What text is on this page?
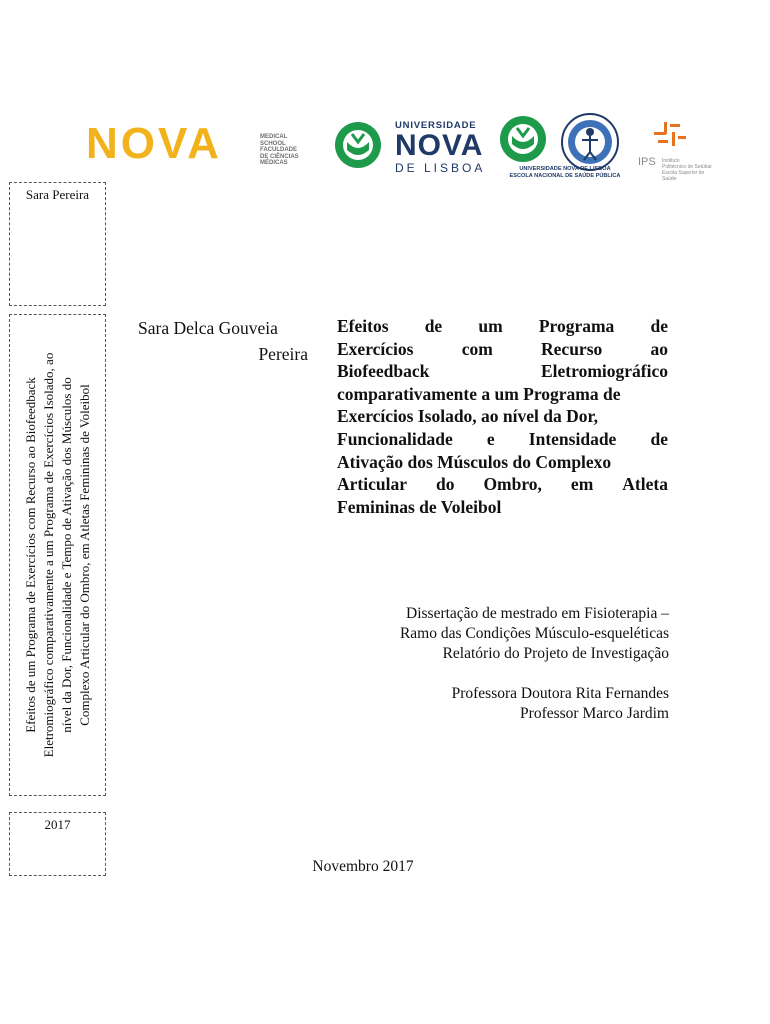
NOVA	MEDICAL
SCHOOL
FACULDADE
DE CIÊNCIAS
MÉDICAS
UNIVERSIDADE
NOVA
DE LISBOA	UNIVERSIDADE NOVA DE LISBOA
ESCOLA NACIONAL DE SAÚDE PÚBLICA
IPS Instituto
Politécnico de Setúbal
Escola Superior de
Saúde
Sara Pereira
Efeitos de um Programa de Exercícios com Recurso ao Biofeedback Eletromiográfico comparativamente a um Programa de Exercícios Isolado, ao nível da Dor, Funcionalidade e Tempo de Ativação dos Músculos do Complexo Articular do Ombro, em Atletas Femininas de Voleibol
2017
Sara Delca Gouveia
Pereira
Efeitos de um Programa de
Exercícios	com	Recurso	ao
Biofeedback	Eletromiográfico
comparativamente a um Programa de
Exercícios Isolado, ao nível da Dor,
Funcionalidade e Intensidade de
Ativação dos Músculos do Complexo
Articular do Ombro, em Atleta
Femininas de Voleibol
Dissertação de mestrado em Fisioterapia –
Ramo das Condições Músculo-esqueléticas
Relatório do Projeto de Investigação
Professora Doutora Rita Fernandes
Professor Marco Jardim
Novembro 2017
